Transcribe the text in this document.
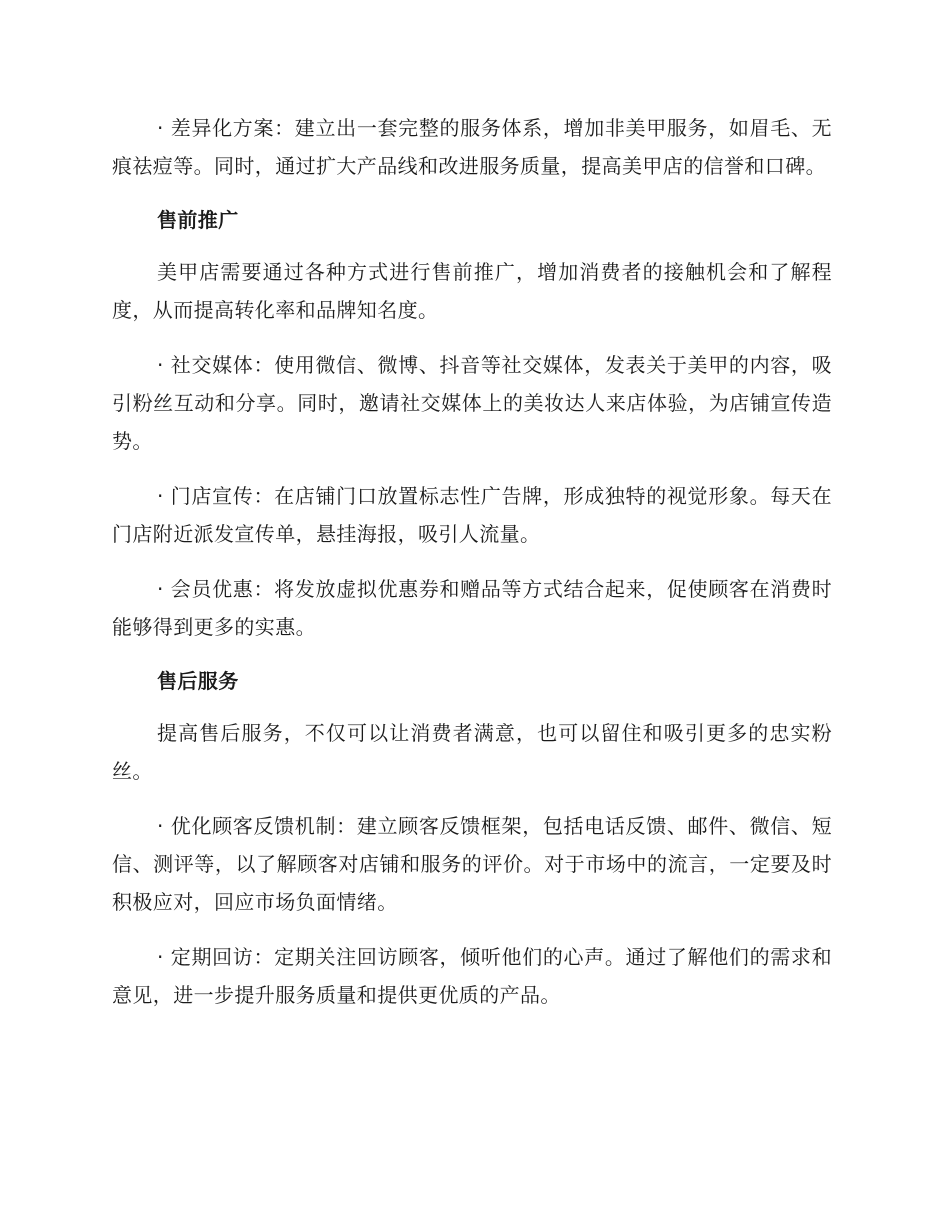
· 差异化方案：建立出一套完整的服务体系，增加非美甲服务，如眉毛、无痕祛痘等。同时，通过扩大产品线和改进服务质量，提高美甲店的信誉和口碑。

售前推广

美甲店需要通过各种方式进行售前推广，增加消费者的接触机会和了解程度，从而提高转化率和品牌知名度。

· 社交媒体：使用微信、微博、抖音等社交媒体，发表关于美甲的内容，吸引粉丝互动和分享。同时，邀请社交媒体上的美妆达人来店体验，为店铺宣传造势。

· 门店宣传：在店铺门口放置标志性广告牌，形成独特的视觉形象。每天在门店附近派发宣传单，悬挂海报，吸引人流量。

· 会员优惠：将发放虚拟优惠券和赠品等方式结合起来，促使顾客在消费时能够得到更多的实惠。

售后服务

提高售后服务，不仅可以让消费者满意，也可以留住和吸引更多的忠实粉丝。

· 优化顾客反馈机制：建立顾客反馈框架，包括电话反馈、邮件、微信、短信、测评等，以了解顾客对店铺和服务的评价。对于市场中的流言，一定要及时积极应对，回应市场负面情绪。

· 定期回访：定期关注回访顾客，倾听他们的心声。通过了解他们的需求和意见，进一步提升服务质量和提供更优质的产品。
